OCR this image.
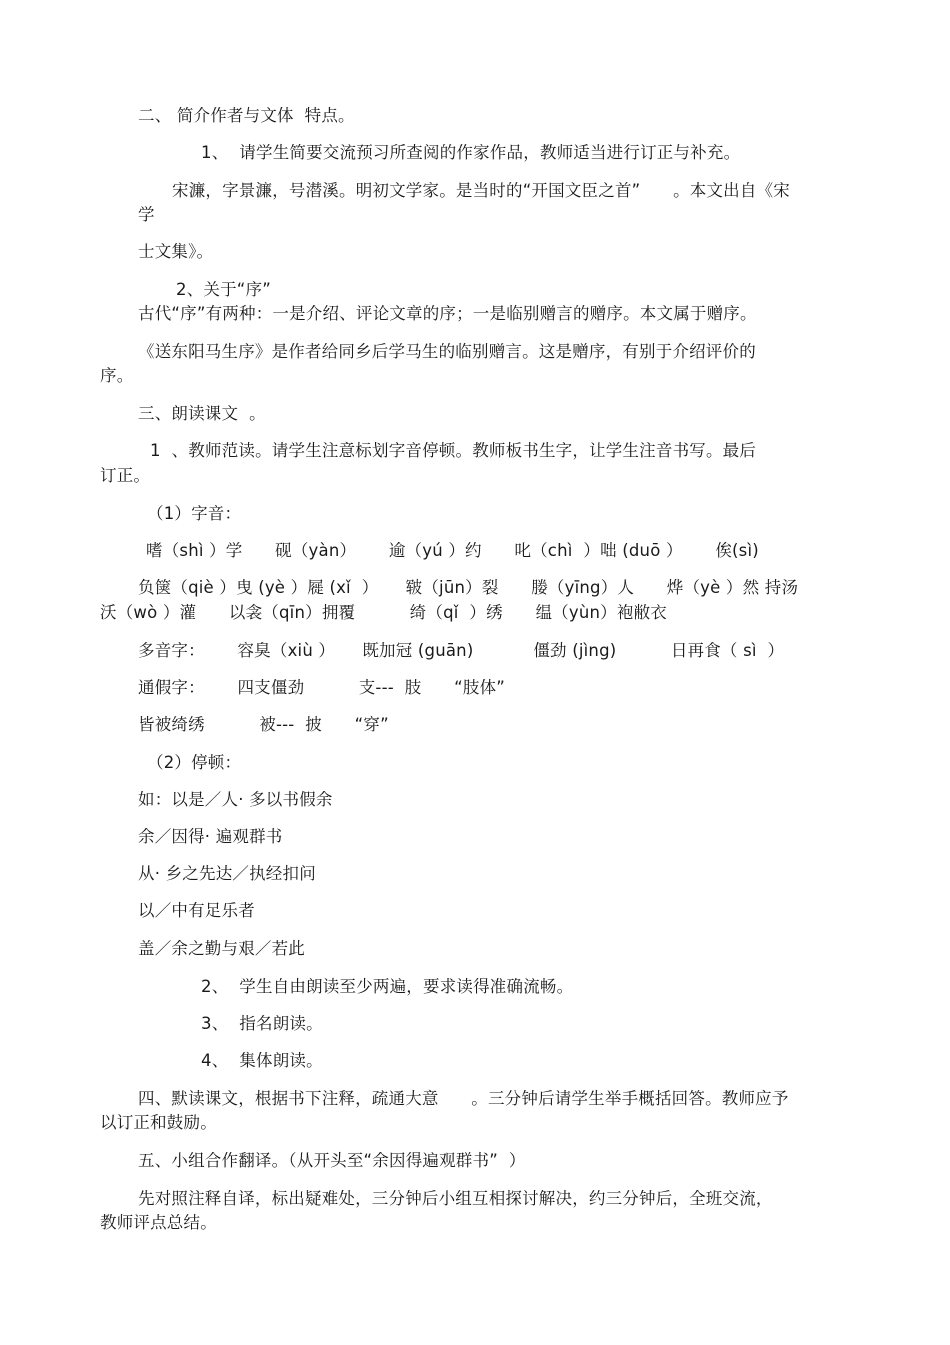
二、 简介作者与文体  特点。
1、  请学生简要交流预习所查阅的作家作品，教师适当进行订正与补充。
宋濂，字景濂，号潜溪。明初文学家。是当时的“开国文臣之首”      。本文出自《宋
学
士文集》。
2、关于“序”
古代“序”有两种：一是介绍、评论文章的序；一是临别赠言的赠序。本文属于赠序。
《送东阳马生序》是作者给同乡后学马生的临别赠言。这是赠序，有别于介绍评价的
序。
三、朗读课文  。
1  、教师范读。请学生注意标划字音停顿。教师板书生字，让学生注音书写。最后
订正。
（1）字音：
嗜（shì ）学      砚（yàn）      逾（yú ）约      叱（chì  ）咄 (duō ）      俟(sì)
负箧（qiè ）曳 (yè ）屣 (xǐ  ）     皲（jūn）裂      媵（yīng）人      烨（yè ）然 持汤
沃（wò ）灌      以衾（qīn）拥覆          绮（qǐ  ）绣      缊（yùn）袍敝衣
多音字：      容臭（xiù ）     既加冠 (guān)           僵劲 (jìng)          日再食（ sì  ）
通假字：      四支僵劲          支---  肢      “肢体”
皆被绮绣          被---  披      “穿”
（2）停顿：
如：以是／人· 多以书假余
余／因得· 遍观群书
从· 乡之先达／执经扣问
以／中有足乐者
盖／余之勤与艰／若此
2、  学生自由朗读至少两遍，要求读得准确流畅。
3、  指名朗读。
4、  集体朗读。
四、默读课文，根据书下注释，疏通大意      。三分钟后请学生举手概括回答。教师应予
以订正和鼓励。
五、小组合作翻译。（从开头至“余因得遍观群书”  ）
先对照注释自译，标出疑难处，三分钟后小组互相探讨解决，约三分钟后，全班交流，
教师评点总结。
